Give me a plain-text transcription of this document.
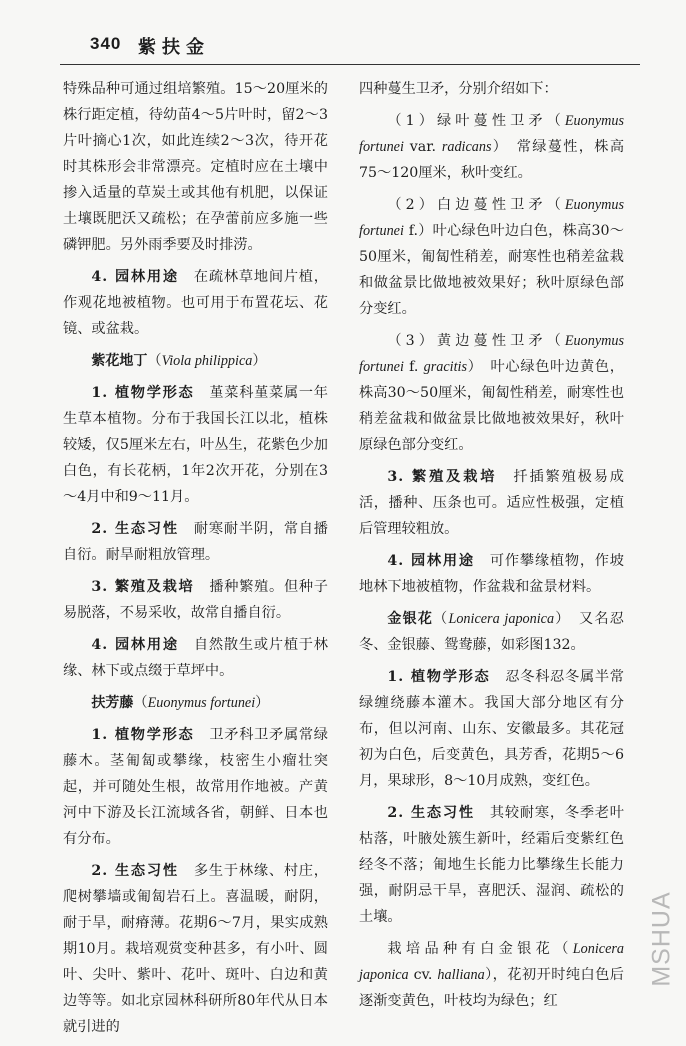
340 紫扶金

特殊品种可通过组培繁殖。15～20厘米的株行距定植，待幼苗4～5片叶时，留2～3片叶摘心1次，如此连续2～3次，待开花时其株形会非常漂亮。定植时应在土壤中掺入适量的草炭土或其他有机肥，以保证土壤既肥沃又疏松；在孕蕾前应多施一些磷钾肥。另外雨季要及时排涝。

4. 园林用途　在疏林草地间片植，作观花地被植物。也可用于布置花坛、花镜、或盆栽。

紫花地丁（Viola philippica）

1. 植物学形态　堇菜科堇菜属一年生草本植物。分布于我国长江以北，植株较矮，仅5厘米左右，叶丛生，花紫色少加白色，有长花柄，1年2次开花，分别在3～4月中和9～11月。

2. 生态习性　耐寒耐半阴，常自播自衍。耐旱耐粗放管理。

3. 繁殖及栽培　播种繁殖。但种子易脱落，不易采收，故常自播自衍。

4. 园林用途　自然散生或片植于林缘、林下或点缀于草坪中。

扶芳藤（Euonymus fortunei）

1. 植物学形态　卫矛科卫矛属常绿藤木。茎匍匐或攀缘，枝密生小瘤壮突起，并可随处生根，故常用作地被。产黄河中下游及长江流域各省，朝鲜、日本也有分布。

2. 生态习性　多生于林缘、村庄，爬树攀墙或匍匐岩石上。喜温暖，耐阴，耐于旱，耐瘠薄。花期6～7月，果实成熟期10月。栽培观赏变种甚多，有小叶、圆叶、尖叶、紫叶、花叶、斑叶、白边和黄边等等。如北京园林科研所80年代从日本就引进的

四种蔓生卫矛，分别介绍如下：

（1）绿叶蔓性卫矛（Euonymus fortunei var. radicans）　常绿蔓性，株高75～120厘米，秋叶变红。

（2）白边蔓性卫矛（Euonymus fortunei f.）叶心绿色叶边白色，株高30～50厘米，匍匐性稍差，耐寒性也稍差盆栽和做盆景比做地被效果好；秋叶原绿色部分变红。

（3）黄边蔓性卫矛（Euonymus fortunei f. gracitis）　叶心绿色叶边黄色，株高30～50厘米，匍匐性稍差，耐寒性也稍差盆栽和做盆景比做地被效果好，秋叶原绿色部分变红。

3. 繁殖及栽培　扦插繁殖极易成活，播种、压条也可。适应性极强，定植后管理较粗放。

4. 园林用途　可作攀缘植物，作坡地林下地被植物，作盆栽和盆景材料。

金银花（Lonicera japonica）　又名忍冬、金银藤、鸳鸯藤，如彩图132。

1. 植物学形态　忍冬科忍冬属半常绿缠绕藤本灌木。我国大部分地区有分布，但以河南、山东、安徽最多。其花冠初为白色，后变黄色，具芳香，花期5～6月，果球形，8～10月成熟，变红色。

2. 生态习性　其较耐寒，冬季老叶枯落，叶腋处簇生新叶，经霜后变紫红色经冬不落；匍地生长能力比攀缘生长能力强，耐阴忌干旱，喜肥沃、湿润、疏松的土壤。

栽培品种有白金银花（Lonicera japonica cv. halliana），花初开时纯白色后逐渐变黄色，叶枝均为绿色；红

MSHUA
